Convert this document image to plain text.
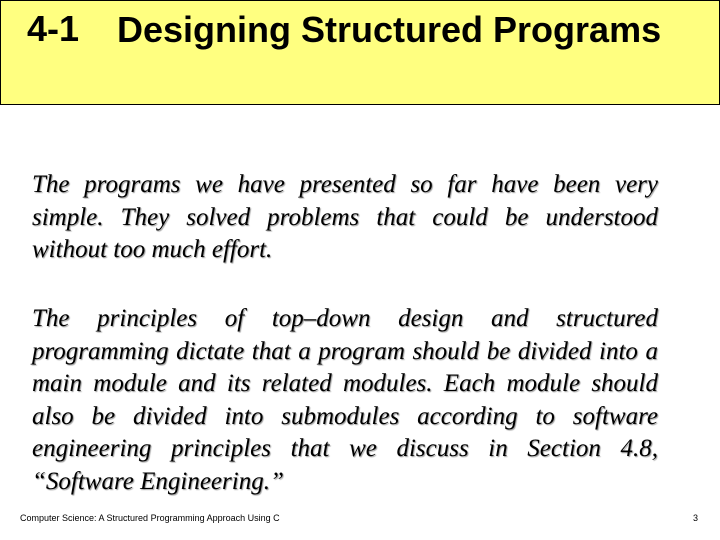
4-1 Designing Structured Programs

The programs we have presented so far have been very simple. They solved problems that could be understood without too much effort.

The principles of top–down design and structured programming dictate that a program should be divided into a main module and its related modules. Each module should also be divided into submodules according to software engineering principles that we discuss in Section 4.8, “Software Engineering.”

Computer Science: A Structured Programming Approach Using C	3
